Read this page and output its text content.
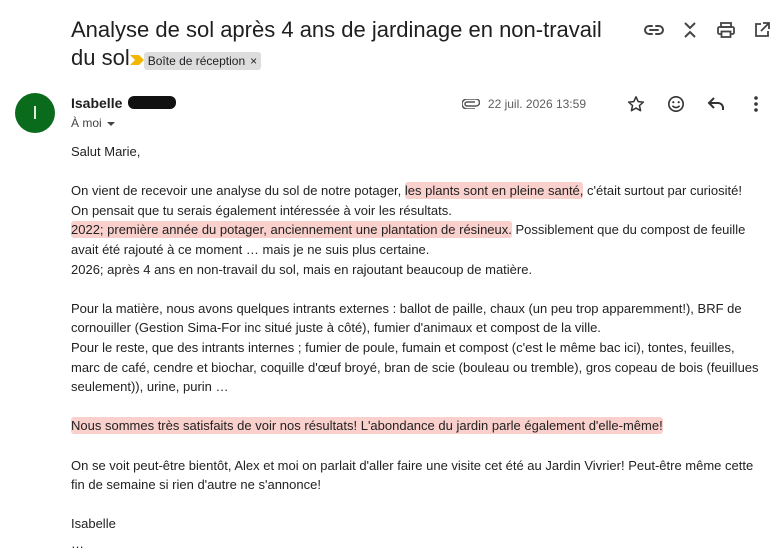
Analyse de sol après 4 ans de jardinage en non-travail du sol Boîte de réception ×
I	Isabelle
À moi
22 juil. 2026 13:59

Salut Marie,

On vient de recevoir une analyse du sol de notre potager, les plants sont en pleine santé, c'était surtout par curiosité!

On pensait que tu serais également intéressée à voir les résultats.

2022; première année du potager, anciennement une plantation de résineux. Possiblement que du compost de feuille avait été rajouté à ce moment … mais je ne suis plus certaine.

2026; après 4 ans en non-travail du sol, mais en rajoutant beaucoup de matière.

Pour la matière, nous avons quelques intrants externes : ballot de paille, chaux (un peu trop apparemment!), BRF de cornouiller (Gestion Sima-For inc situé juste à côté), fumier d'animaux et compost de la ville.

Pour le reste, que des intrants internes ; fumier de poule, fumain et compost (c'est le même bac ici), tontes, feuilles, marc de café, cendre et biochar, coquille d'œuf broyé, bran de scie (bouleau ou tremble), gros copeau de bois (feuillues seulement)), urine, purin …

Nous sommes très satisfaits de voir nos résultats! L'abondance du jardin parle également d'elle-même!

On se voit peut-être bientôt, Alex et moi on parlait d'aller faire une visite cet été au Jardin Vivrier! Peut-être même cette fin de semaine si rien d'autre ne s'annonce!

Isabelle

…
